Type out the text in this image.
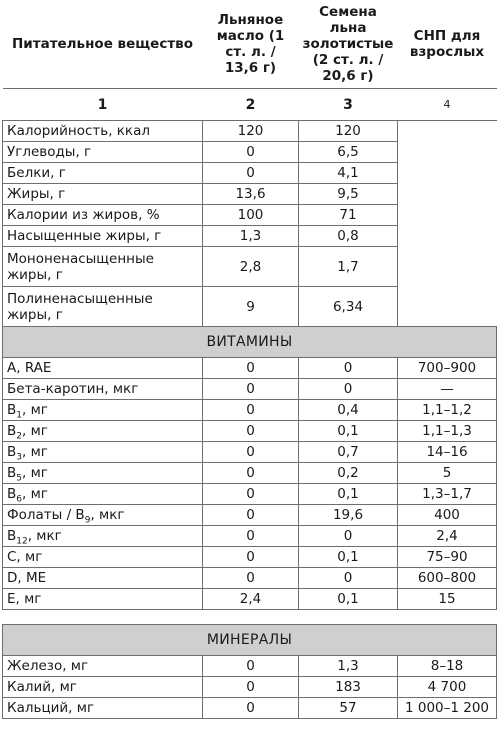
Питательное вещество	Льняное масло (1 ст. л. / 13,6 г)	Семена льна золотистые (2 ст. л. / 20,6 г)	СНП для взрослых
1	2	3	4
Калорийность, ккал	120	120	
Углеводы, г	0	6,5	
Белки, г	0	4,1	
Жиры, г	13,6	9,5	
Калории из жиров, %	100	71	
Насыщенные жиры, г	1,3	0,8	
Мононенасыщенные жиры, г	2,8	1,7	
Полиненасыщенные жиры, г	9	6,34	
ВИТАМИНЫ			
A, RAE	0	0	700–900
Бета-каротин, мкг	0	0	—
$B_1$, мг	0	0,4	1,1–1,2
$B_2$, мг	0	0,1	1,1–1,3
$B_3$, мг	0	0,7	14–16
$B_5$, мг	0	0,2	5
$B_6$, мг	0	0,1	1,3–1,7
Фолаты / $B_9$, мкг	0	19,6	400
$B_{12}$, мкг	0	0	2,4
C, мг	0	0,1	75–90
D, МЕ	0	0	600–800
E, мг	2,4	0,1	15

МИНЕРАЛЫ			
Железо, мг	0	1,3	8–18
Калий, мг	0	183	4 700
Кальций, мг	0	57	1 000–1 200
